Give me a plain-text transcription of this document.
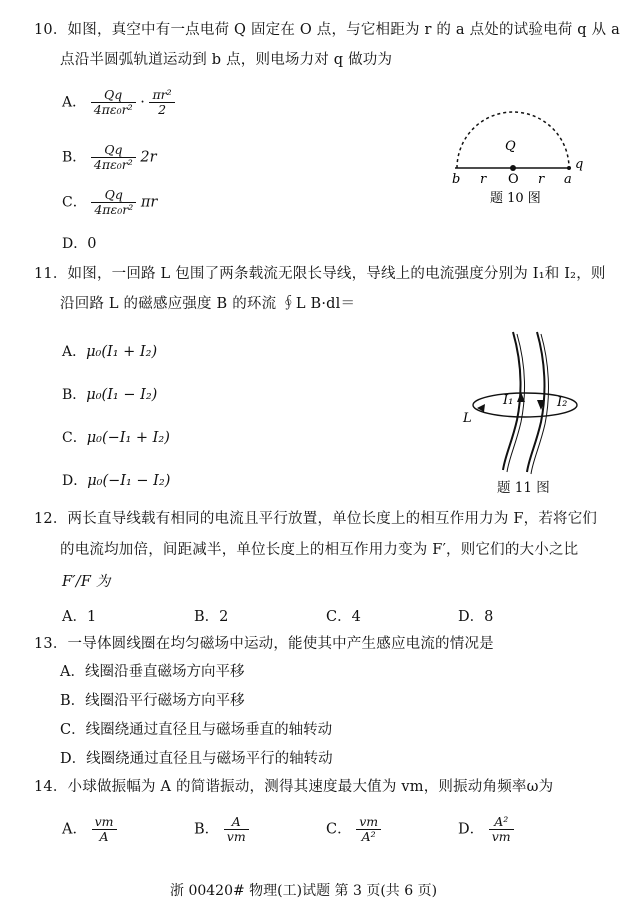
10．如图，真空中有一点电荷 Q 固定在 O 点，与它相距为 r 的 a 点处的试验电荷 q 从 a
点沿半圆弧轨道运动到 b 点，则电场力对 q 做功为
A． $\frac{Qq}{\text{4πε₀r²}} \cdot \frac{\text{πr²}}{2}$
B． $\frac{Qq}{\text{4πε₀r²}} 2r$
C． $\frac{Qq}{\text{4πε₀r²}}$ πr
D．0
Q
b r O r a
q
题 10 图
11．如图，一回路 L 包围了两条载流无限长导线，导线上的电流强度分别为 I₁和 I₂，则
沿回路 L 的磁感应强度 B 的环流 ∮L B·dl＝
A．μ₀(I₁ + I₂)
B．μ₀(I₁ − I₂)
C．μ₀(−I₁ + I₂)
D．μ₀(−I₁ − I₂)
I₁	I₂
L
题 11 图
12．两长直导线载有相同的电流且平行放置，单位长度上的相互作用力为 F，若将它们
的电流均加倍，间距减半，单位长度上的相互作用力变为 F′，则它们的大小之比
F′/F 为
A．1	B．2	C．4	D．8
13．一导体圆线圈在均匀磁场中运动，能使其中产生感应电流的情况是
A．线圈沿垂直磁场方向平移
B．线圈沿平行磁场方向平移
C．线圈绕通过直径且与磁场垂直的轴转动
D．线圈绕通过直径且与磁场平行的轴转动
14．小球做振幅为 A 的简谐振动，测得其速度最大值为 vm，则振动角频率ω为
A． $\frac{vm}{A}$	B． $\frac{A}{vm}$	C． $\frac{vm}{\text{A²}}$	D． $\frac{\text{A²}}{vm}$
浙 00420# 物理(工)试题 第 3 页(共 6 页)
